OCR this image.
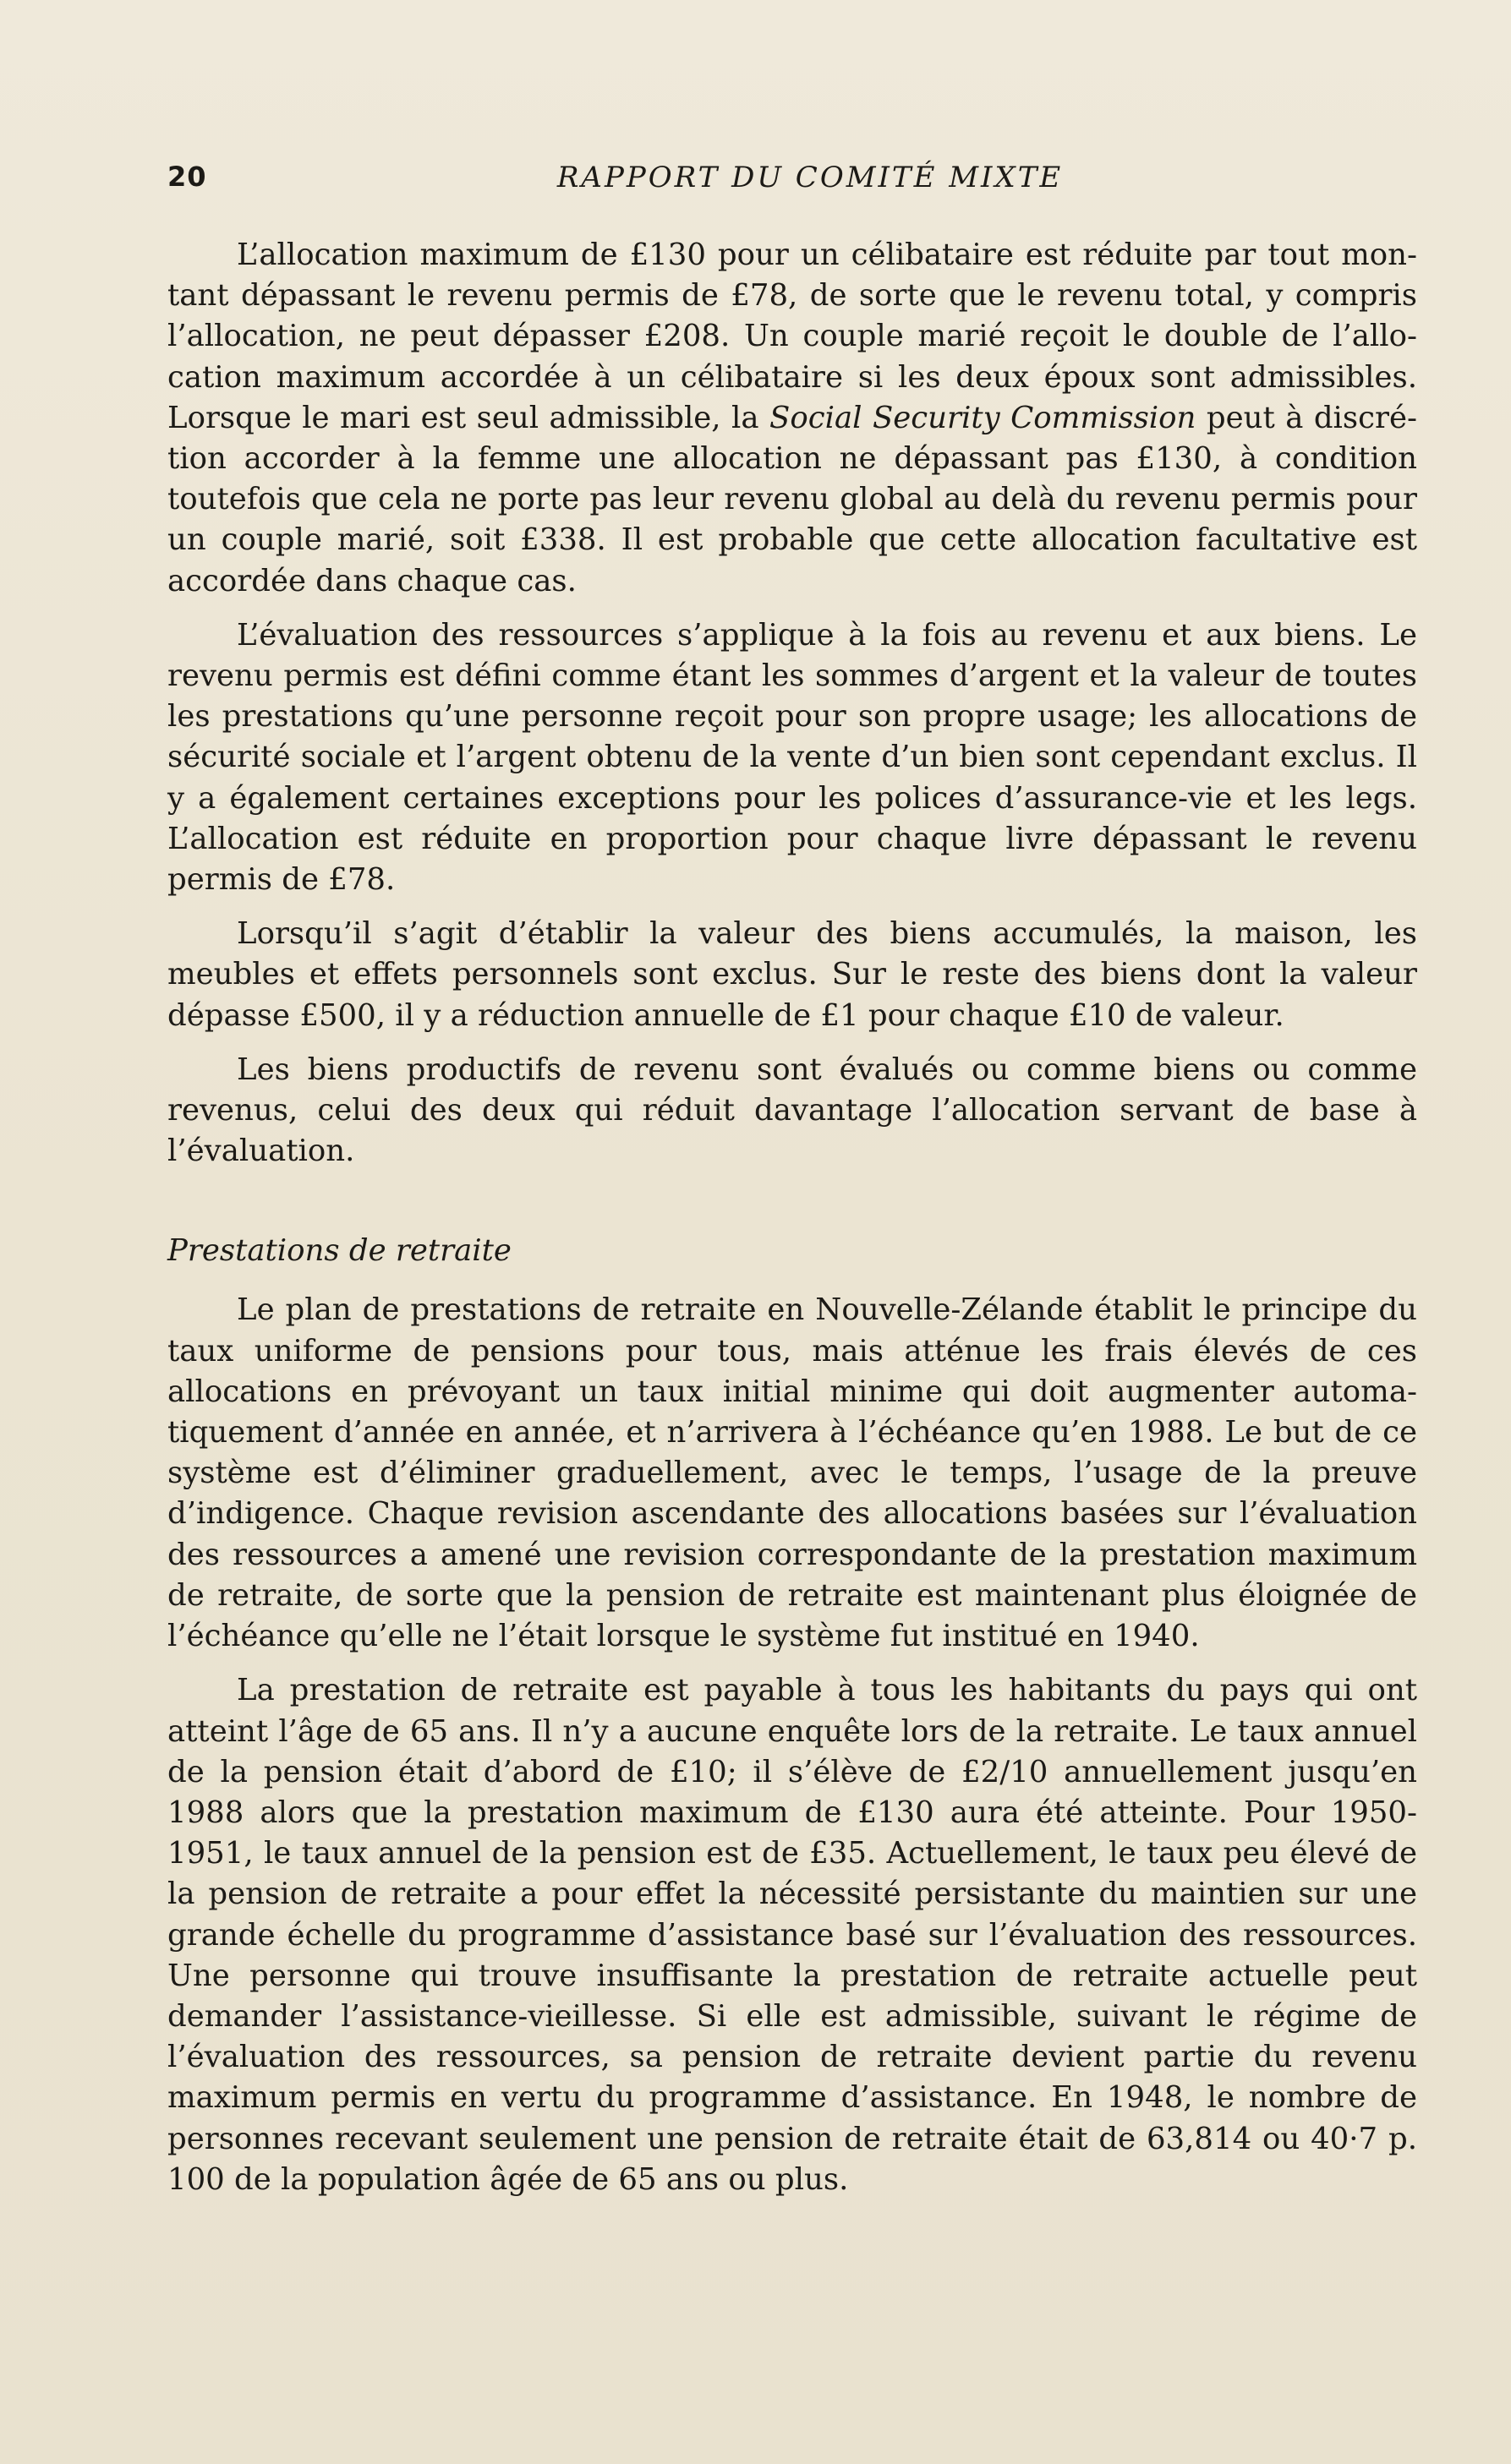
20	RAPPORT DU COMITÉ MIXTE

L’allocation maximum de £130 pour un célibataire est réduite par tout montant dépassant le revenu permis de £78, de sorte que le revenu total, y compris l’allocation, ne peut dépasser £208. Un couple marié reçoit le double de l’allocation maximum accordée à un célibataire si les deux époux sont admissibles. Lorsque le mari est seul admissible, la Social Security Commission peut à discrétion accorder à la femme une allocation ne dépassant pas £130, à condition toutefois que cela ne porte pas leur revenu global au delà du revenu permis pour un couple marié, soit £338. Il est probable que cette allocation facultative est accordée dans chaque cas.

L’évaluation des ressources s’applique à la fois au revenu et aux biens. Le revenu permis est défini comme étant les sommes d’argent et la valeur de toutes les prestations qu’une personne reçoit pour son propre usage; les allocations de sécurité sociale et l’argent obtenu de la vente d’un bien sont cependant exclus. Il y a également certaines exceptions pour les polices d’assurance-vie et les legs. L’allocation est réduite en proportion pour chaque livre dépassant le revenu permis de £78.

Lorsqu’il s’agit d’établir la valeur des biens accumulés, la maison, les meubles et effets personnels sont exclus. Sur le reste des biens dont la valeur dépasse £500, il y a réduction annuelle de £1 pour chaque £10 de valeur.

Les biens productifs de revenu sont évalués ou comme biens ou comme revenus, celui des deux qui réduit davantage l’allocation servant de base à l’évaluation.

Prestations de retraite

Le plan de prestations de retraite en Nouvelle-Zélande établit le principe du taux uniforme de pensions pour tous, mais atténue les frais élevés de ces allocations en prévoyant un taux initial minime qui doit augmenter automatiquement d’année en année, et n’arrivera à l’échéance qu’en 1988. Le but de ce système est d’éliminer graduellement, avec le temps, l’usage de la preuve d’indigence. Chaque revision ascendante des allocations basées sur l’évaluation des ressources a amené une revision correspondante de la prestation maximum de retraite, de sorte que la pension de retraite est maintenant plus éloignée de l’échéance qu’elle ne l’était lorsque le système fut institué en 1940.

La prestation de retraite est payable à tous les habitants du pays qui ont atteint l’âge de 65 ans. Il n’y a aucune enquête lors de la retraite. Le taux annuel de la pension était d’abord de £10; il s’élève de £2/10 annuellement jusqu’en 1988 alors que la prestation maximum de £130 aura été atteinte. Pour 1950-1951, le taux annuel de la pension est de £35. Actuellement, le taux peu élevé de la pension de retraite a pour effet la nécessité persistante du maintien sur une grande échelle du programme d’assistance basé sur l’évaluation des ressources. Une personne qui trouve insuffisante la prestation de retraite actuelle peut demander l’assistance-vieillesse. Si elle est admissible, suivant le régime de l’évaluation des ressources, sa pension de retraite devient partie du revenu maximum permis en vertu du programme d’assistance. En 1948, le nombre de personnes recevant seulement une pension de retraite était de 63,814 ou 40·7 p. 100 de la population âgée de 65 ans ou plus.
